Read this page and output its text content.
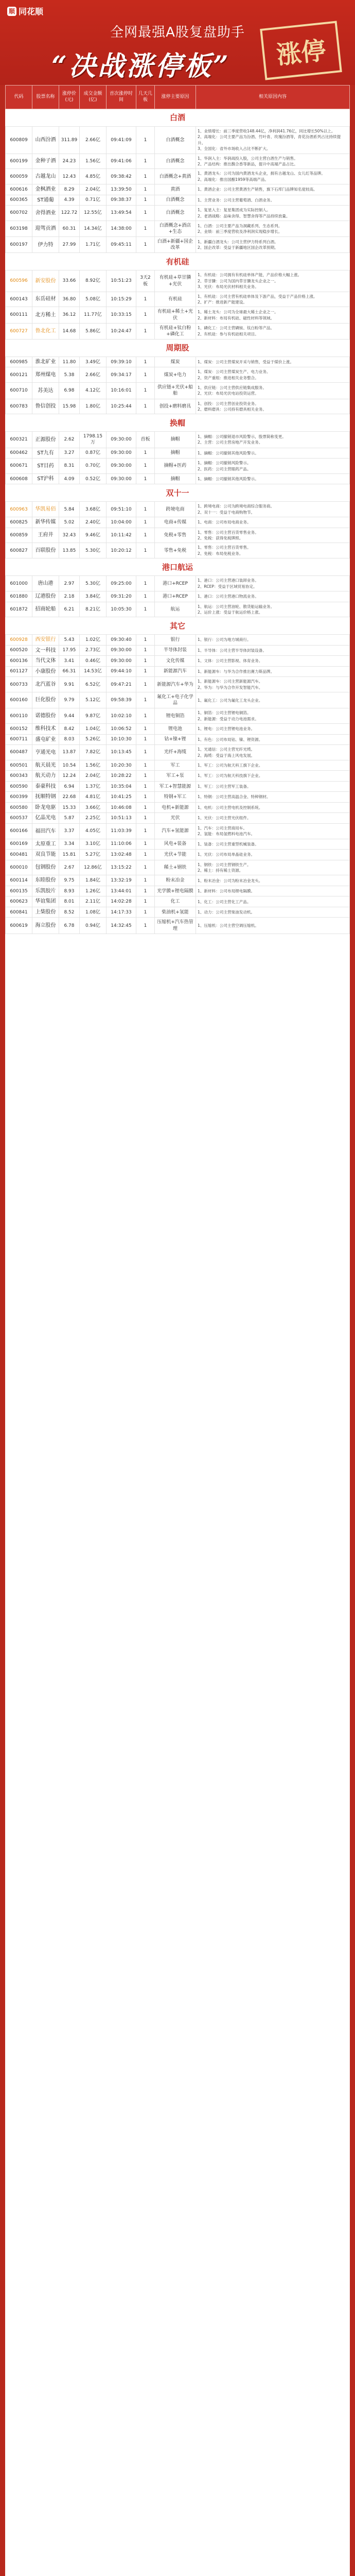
顺 同花顺
全网最强A股复盘助手
“决战涨停板”	涨停
代码	股票名称	涨停价(元)	成交金额(亿)	首次涨停时间	几天几板	涨停主要原因	相关原因内容
白酒							
600809	山西汾酒	311.89	2.66亿	09:41:09	1	白酒概念	1、业绩增长：前三季度营收148.44亿，净利润41.76亿，同比增长50%以上。
2、高端化：公司主要产品为汾酒、竹叶青、玫瑰汾酒等，青花汾酒系列占比持续提升。
3、全国化：省外市场收入占比不断扩大。
600199	金种子酒	24.23	1.56亿	09:41:06	1	白酒概念	1、华润入主：华润战投入股，公司主营白酒生产与销售。
2、产品结构：推出馥合香等新品，提升中高端产品占比。
600059	古越龙山	12.43	4.85亿	09:38:42	1	白酒概念+黄酒	1、黄酒龙头：公司为国内黄酒龙头企业，拥有古越龙山、女儿红等品牌。
2、高端化：推出国酿1959等高端产品。
600616	金枫酒业	8.29	2.04亿	13:39:50	1	黄酒	1、黄酒企业：公司主营黄酒生产销售，旗下石库门品牌知名度较高。
600365	ST通葡	4.39	0.71亿	09:38:37	1	白酒概念	1、主营业务：公司主营葡萄酒、白酒业务。
600702	舍得酒业	122.72	12.55亿	13:49:54	1	白酒概念	1、复星入主：复星集团成为实际控制人。
2、老酒战略：品味舍得、智慧舍得等产品持续放量。
603198	迎驾贡酒	60.31	14.34亿	14:38:00	1	白酒概念+酒店+生态	1、白酒：公司主要产品为洞藏系列、生态系列。
2、业绩：前三季度营收及净利润实现稳步增长。
600197	伊力特	27.99	1.71亿	09:45:11	1	白酒+新疆+国企改革	1、新疆白酒龙头：公司主营伊力特系列白酒。
2、国企改革：受益于新疆地区国企改革预期。
有机硅							
600596	新安股份	33.66	8.92亿	10:51:23	3天2板	有机硅+草甘膦+光伏	1、有机硅：公司拥有有机硅单体产能，产品价格大幅上涨。
2、草甘膦：公司为国内草甘膦龙头企业之一。
3、光伏：布局光伏材料相关业务。
600143	东岳硅材	36.80	5.08亿	10:15:29	1	有机硅	1、有机硅：公司主营有机硅单体及下游产品，受益于产品价格上涨。
2、扩产：推进新产能建设。
600111	北方稀土	36.12	11.77亿	10:33:15	1	有机硅+稀土+光伏	1、稀土龙头：公司为全球最大稀土企业之一。
2、新材料：布局有机硅、磁性材料等领域。
600727	鲁北化工	14.68	5.86亿	10:24:47	1	有机硅+钛白粉+磷化工	1、磷化工：公司主营磷铵、钛白粉等产品。
2、有机硅：参与有机硅相关项目。
周期股							
600985	淮北矿业	11.80	3.49亿	09:39:10	1	煤炭	1、煤炭：公司主营煤炭开采与销售，受益于煤价上涨。
600121	郑州煤电	5.38	2.66亿	09:34:17	1	煤炭+电力	1、煤炭：公司主营煤炭生产、电力业务。
2、资产重组：推进相关业务整合。
600710	苏美达	6.98	4.12亿	10:16:01	1	供应链+光伏+船舶	1、供应链：公司主营供应链集成服务。
2、光伏：布局光伏电站投资运营。
600783	鲁信创投	15.98	1.80亿	10:25:44	1	创投+磨料磨具	1、创投：公司主营创业投资业务。
2、磨料磨具：公司持有磨具相关业务。
换帽							
600321	正源股份	2.62	1798.15万	09:30:00	首板	摘帽	1、摘帽：公司撤销退市风险警示，股票简称变更。
2、主营：公司主营房地产开发业务。
600462	ST九有	3.27	0.87亿	09:30:00	1	摘帽	1、摘帽：公司撤销其他风险警示。
600671	ST目药	8.31	0.70亿	09:30:00	1	摘帽+医药	1、摘帽：公司撤销风险警示。
2、医药：公司主营眼药产品。
600608	ST沪科	4.09	0.52亿	09:30:00	1	摘帽	1、摘帽：公司撤销其他风险警示。
双十一							
600963	华凯易佰	5.84	3.68亿	09:51:10	1	跨境电商	1、跨境电商：公司为跨境电商综合服务商。
2、双十一：受益于电商购物节。
600825	新华传媒	5.02	2.40亿	10:04:00	1	电商+传媒	1、电商：公司布局电商业务。
600859	王府井	32.43	9.46亿	10:11:42	1	免税+零售	1、零售：公司主营百货零售业务。
2、免税：获得免税牌照。
600827	百联股份	13.85	5.30亿	10:20:12	1	零售+免税	1、零售：公司主营百货零售。
2、免税：布局免税业务。
港口航运							
601000	唐山港	2.97	5.30亿	09:25:00	1	港口+RCEP	1、港口：公司主营港口装卸业务。
2、RCEP：受益于区域贸易协定。
601880	辽港股份	2.18	3.84亿	09:31:20	1	港口+RCEP	1、港口：公司主营港口物流业务。
601872	招商轮船	6.21	8.21亿	10:05:30	1	航运	1、航运：公司主营油轮、散货船运输业务。
2、运价上涨：受益于航运价格上涨。
其它							
600928	西安银行	5.43	1.02亿	09:30:40	1	银行	1、银行：公司为地方城商行。
600520	文一科技	17.95	2.73亿	09:30:00	1	半导体封装	1、半导体：公司主营半导体封装设备。
600136	当代文体	3.41	0.46亿	09:30:00	1	文化传媒	1、文体：公司主营影视、体育业务。
601127	小康股份	66.31	14.53亿	09:44:10	1	新能源汽车	1、新能源车：与华为合作推出赛力斯品牌。
600733	北汽蓝谷	9.91	6.52亿	09:47:21	1	新能源汽车+华为	1、新能源车：公司主营新能源汽车。
2、华为：与华为合作开发智能汽车。
600160	巨化股份	9.79	5.12亿	09:58:39	1	氟化工+电子化学品	1、氟化工：公司为氟化工龙头企业。
600110	诺德股份	9.44	9.87亿	10:02:10	1	锂电铜箔	1、铜箔：公司主营锂电铜箔。
2、新能源：受益于动力电池需求。
600152	维科技术	8.42	1.04亿	10:06:52	1	锂电池	1、锂电：公司主营锂电池业务。
600711	盛屯矿业	8.03	5.26亿	10:10:30	1	钴+镍+锂	1、有色：公司布局钴、镍、锂资源。
600487	亨通光电	13.87	7.82亿	10:13:45	1	光纤+海缆	1、光通信：公司主营光纤光缆。
2、海缆：受益于海上风电发展。
600501	航天晨光	10.54	1.56亿	10:20:30	1	军工	1、军工：公司为航天科工旗下企业。
600343	航天动力	12.24	2.04亿	10:28:22	1	军工+泵	1、军工：公司为航天科技旗下企业。
600590	泰豪科技	6.94	1.37亿	10:35:04	1	军工+智慧能源	1、军工：公司主营军工装备。
600399	抚顺特钢	22.68	4.81亿	10:41:25	1	特钢+军工	1、特钢：公司主营高温合金、特种钢材。
600580	卧龙电驱	15.33	3.66亿	10:46:08	1	电机+新能源	1、电机：公司主营电机及控制系统。
600537	亿晶光电	5.87	2.25亿	10:51:13	1	光伏	1、光伏：公司主营光伏组件。
600166	福田汽车	3.37	4.05亿	11:03:39	1	汽车+氢能源	1、汽车：公司主营商用车。
2、氢能：布局氢燃料电池汽车。
600169	太原重工	3.34	3.10亿	11:10:06	1	风电+装备	1、装备：公司主营重型机械装备。
600481	双良节能	15.81	5.27亿	13:02:48	1	光伏+节能	1、光伏：公司布局单晶硅业务。
600010	包钢股份	2.67	12.86亿	13:15:22	1	稀土+钢铁	1、钢铁：公司主营钢铁生产。
2、稀土：持有稀土资源。
600114	东睦股份	9.75	1.84亿	13:32:19	1	粉末冶金	1、粉末冶金：公司为粉末冶金龙头。
600135	乐凯胶片	8.93	1.26亿	13:44:01	1	光学膜+锂电隔膜	1、新材料：公司布局锂电隔膜。
600623	华谊集团	8.01	2.11亿	14:02:28	1	化工	1、化工：公司主营化工产品。
600841	上柴股份	8.52	1.08亿	14:17:33	1	柴油机+氢能	1、动力：公司主营柴油发动机。
600619	海立股份	6.78	0.94亿	14:32:45	1	压缩机+汽车热管理	1、压缩机：公司主营空调压缩机。
